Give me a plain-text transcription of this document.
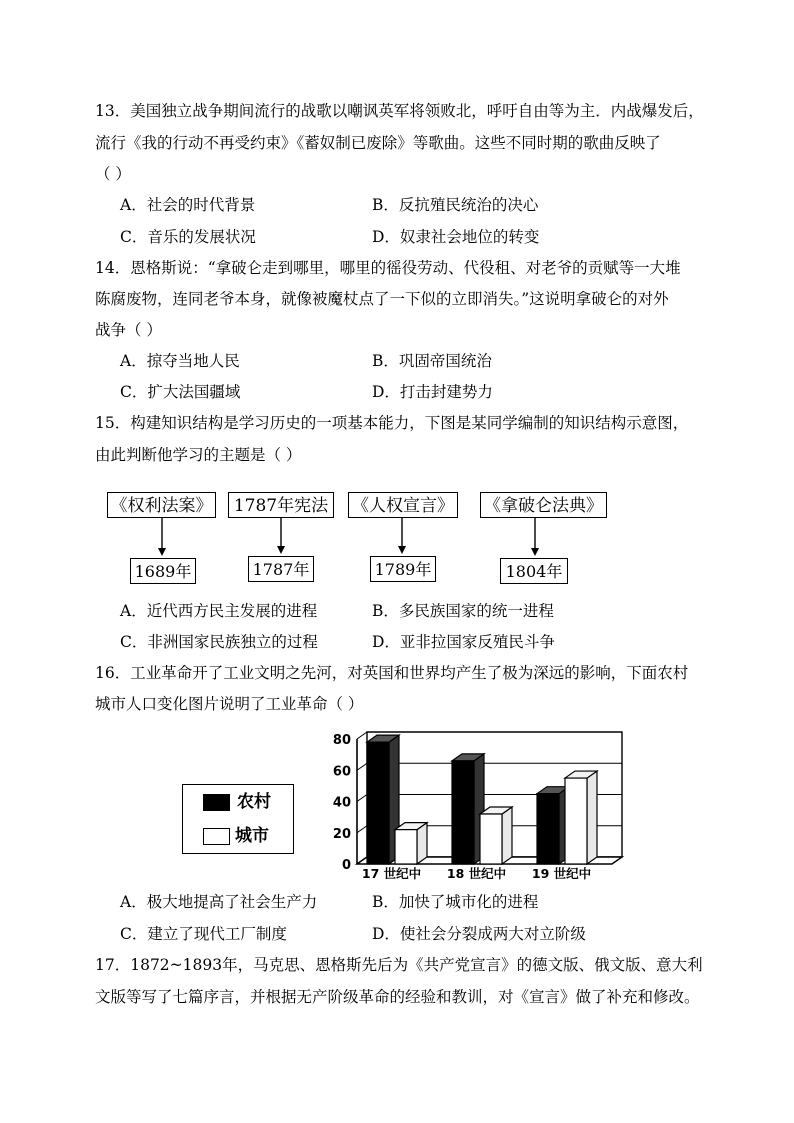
13．美国独立战争期间流行的战歌以嘲讽英军将领败北，呼吁自由等为主．内战爆发后，
流行《我的行动不再受约束》《蓄奴制已废除》等歌曲。这些不同时期的歌曲反映了
（ ）
A．社会的时代背景	B．反抗殖民统治的决心
C．音乐的发展状况	D．奴隶社会地位的转变
14．恩格斯说：“拿破仑走到哪里，哪里的徭役劳动、代役租、对老爷的贡赋等一大堆
陈腐废物，连同老爷本身，就像被魔杖点了一下似的立即消失。”这说明拿破仑的对外
战争（ ）
A．掠夺当地人民	B．巩固帝国统治
C．扩大法国疆域	D．打击封建势力
15．构建知识结构是学习历史的一项基本能力，下图是某同学编制的知识结构示意图，
由此判断他学习的主题是（ ）
《权利法案》	1787年宪法	《人权宣言》 《拿破仑法典》
1689年	1787年	1789年	1804年
A．近代西方民主发展的进程	B．多民族国家的统一进程
C．非洲国家民族独立的过程	D．亚非拉国家反殖民斗争
16．工业革命开了工业文明之先河，对英国和世界均产生了极为深远的影响，下面农村
城市人口变化图片说明了工业革命（ ）
农村
城市
0
20
40
60
80
17 世纪中 18 世纪中 19 世纪中
A．极大地提高了社会生产力	B．加快了城市化的进程
C．建立了现代工厂制度	D．使社会分裂成两大对立阶级
17．1872~1893年，马克思、恩格斯先后为《共产党宣言》的德文版、俄文版、意大利
文版等写了七篇序言，并根据无产阶级革命的经验和教训，对《宣言》做了补充和修改。
